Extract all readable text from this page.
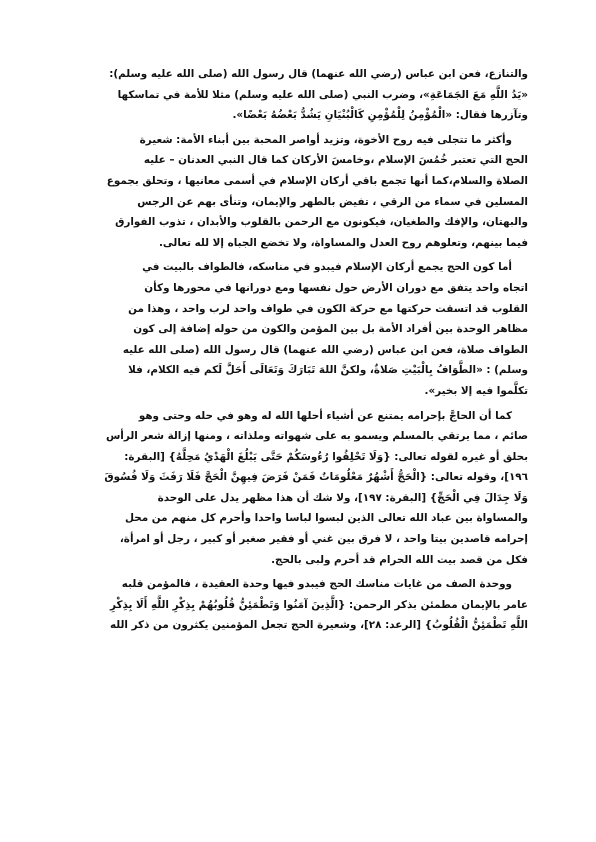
والتنازع، فعن ابن عباس (رضي الله عنهما) قال رسول الله (صلى الله عليه وسلم):
«يَدُ اللَّهِ مَعَ الجَمَاعَةِ»، وضرب النبي (صلى الله عليه وسلم) مثلا للأمة في تماسكها
وتآزرها فقال: «الْمُؤْمِنُ لِلْمُؤْمِنِ كَالْبُنْيَانِ يَشُدُّ بَعْضُهُ بَعْضًا».
وأكثر ما تتجلى فيه روح الأخوة، وتزيد أواصر المحبة بين أبناء الأمة: شعيرة
الحج التي تعتبر خُمُسَ الإسلام ،وخامسَ الأركان كما قال النبي العدنان – عليه
الصلاة والسلام،كما أنها تجمع باقي أركان الإسلام في أسمى معانيها ، وتحلق بجموع
المسلين في سماء من الرقي ، تفيض بالطهر والإيمان، وتنأى بهم عن الرجس
والبهتان، والإفك والطغيان، فيكونون مع الرحمن بالقلوب والأبدان ، تذوب الفوارق
فيما بينهم، وتعلوهم روح العدل والمساواة، ولا تخضع الجباه إلا لله تعالى.
أما كون الحج يجمع أركان الإسلام فيبدو في مناسكه، فالطواف بالبيت في
اتجاه واحد يتفق مع دوران الأرض حول نفسها ومع دورانها في محورها وكأن
القلوب قد اتسقت حركتها مع حركة الكون في طواف واحد لرب واحد ، وهذا من
مظاهر الوحدة بين أفراد الأمة بل بين المؤمن والكون من حوله إضافة إلى كون
الطواف صلاة، فعن ابن عباس (رضي الله عنهما) قال رسول الله (صلى الله عليه
وسلم) : «الطَّوَافُ بِالْبَيْتِ صَلاةٌ، ولكنَّ اللهَ تَبَارَكَ وَتَعَالَى أَحَلَّ لَكم فيه الكلام، فلا
تكلَّموا فيه إلا بخير».
كما أن الحاجَّ بإحرامه يمتنع عن أشياء أحلها الله له وهو في حله وحتى وهو
صائم ، مما يرتقي بالمسلم ويسمو به على شهواته وملذاته ، ومنها إزالة شعر الرأس
بحلق أو غيره لقوله تعالى: {وَلَا تَحْلِقُوا رُءُوسَكُمْ حَتَّى يَبْلُغَ الْهَدْيُ مَحِلَّهُ} [البقرة:
١٩٦]، وقوله تعالى: {الْحَجُّ أَشْهُرٌ مَعْلُومَاتٌ فَمَنْ فَرَضَ فِيهِنَّ الْحَجَّ فَلَا رَفَثَ وَلَا فُسُوقَ
وَلَا جِدَالَ فِي الْحَجِّ} [البقرة: ١٩٧]، ولا شك أن هذا مظهر يدل على الوحدة
والمساواة بين عباد الله تعالى الذين لبسوا لباسا واحدا وأحرم كل منهم من محل
إحرامه قاصدين بيتا واحد ، لا فرق بين غني أو فقير صغير أو كبير ، رجل أو امرأة،
فكل من قصد بيت الله الحرام قد أحرم ولبى بالحج.
ووحدة الصف من غايات مناسك الحج فيبدو فيها وحدة العقيدة ، فالمؤمن قلبه
عامر بالإيمان مطمئن بذكر الرحمن: {الَّذِينَ آمَنُوا وَتَطْمَئِنُّ قُلُوبُهُمْ بِذِكْرِ اللَّهِ أَلَا بِذِكْرِ
اللَّهِ تَطْمَئِنُّ الْقُلُوبُ} [الرعد: ٢٨]، وشعيرة الحج تجعل المؤمنين يكثرون من ذكر الله
